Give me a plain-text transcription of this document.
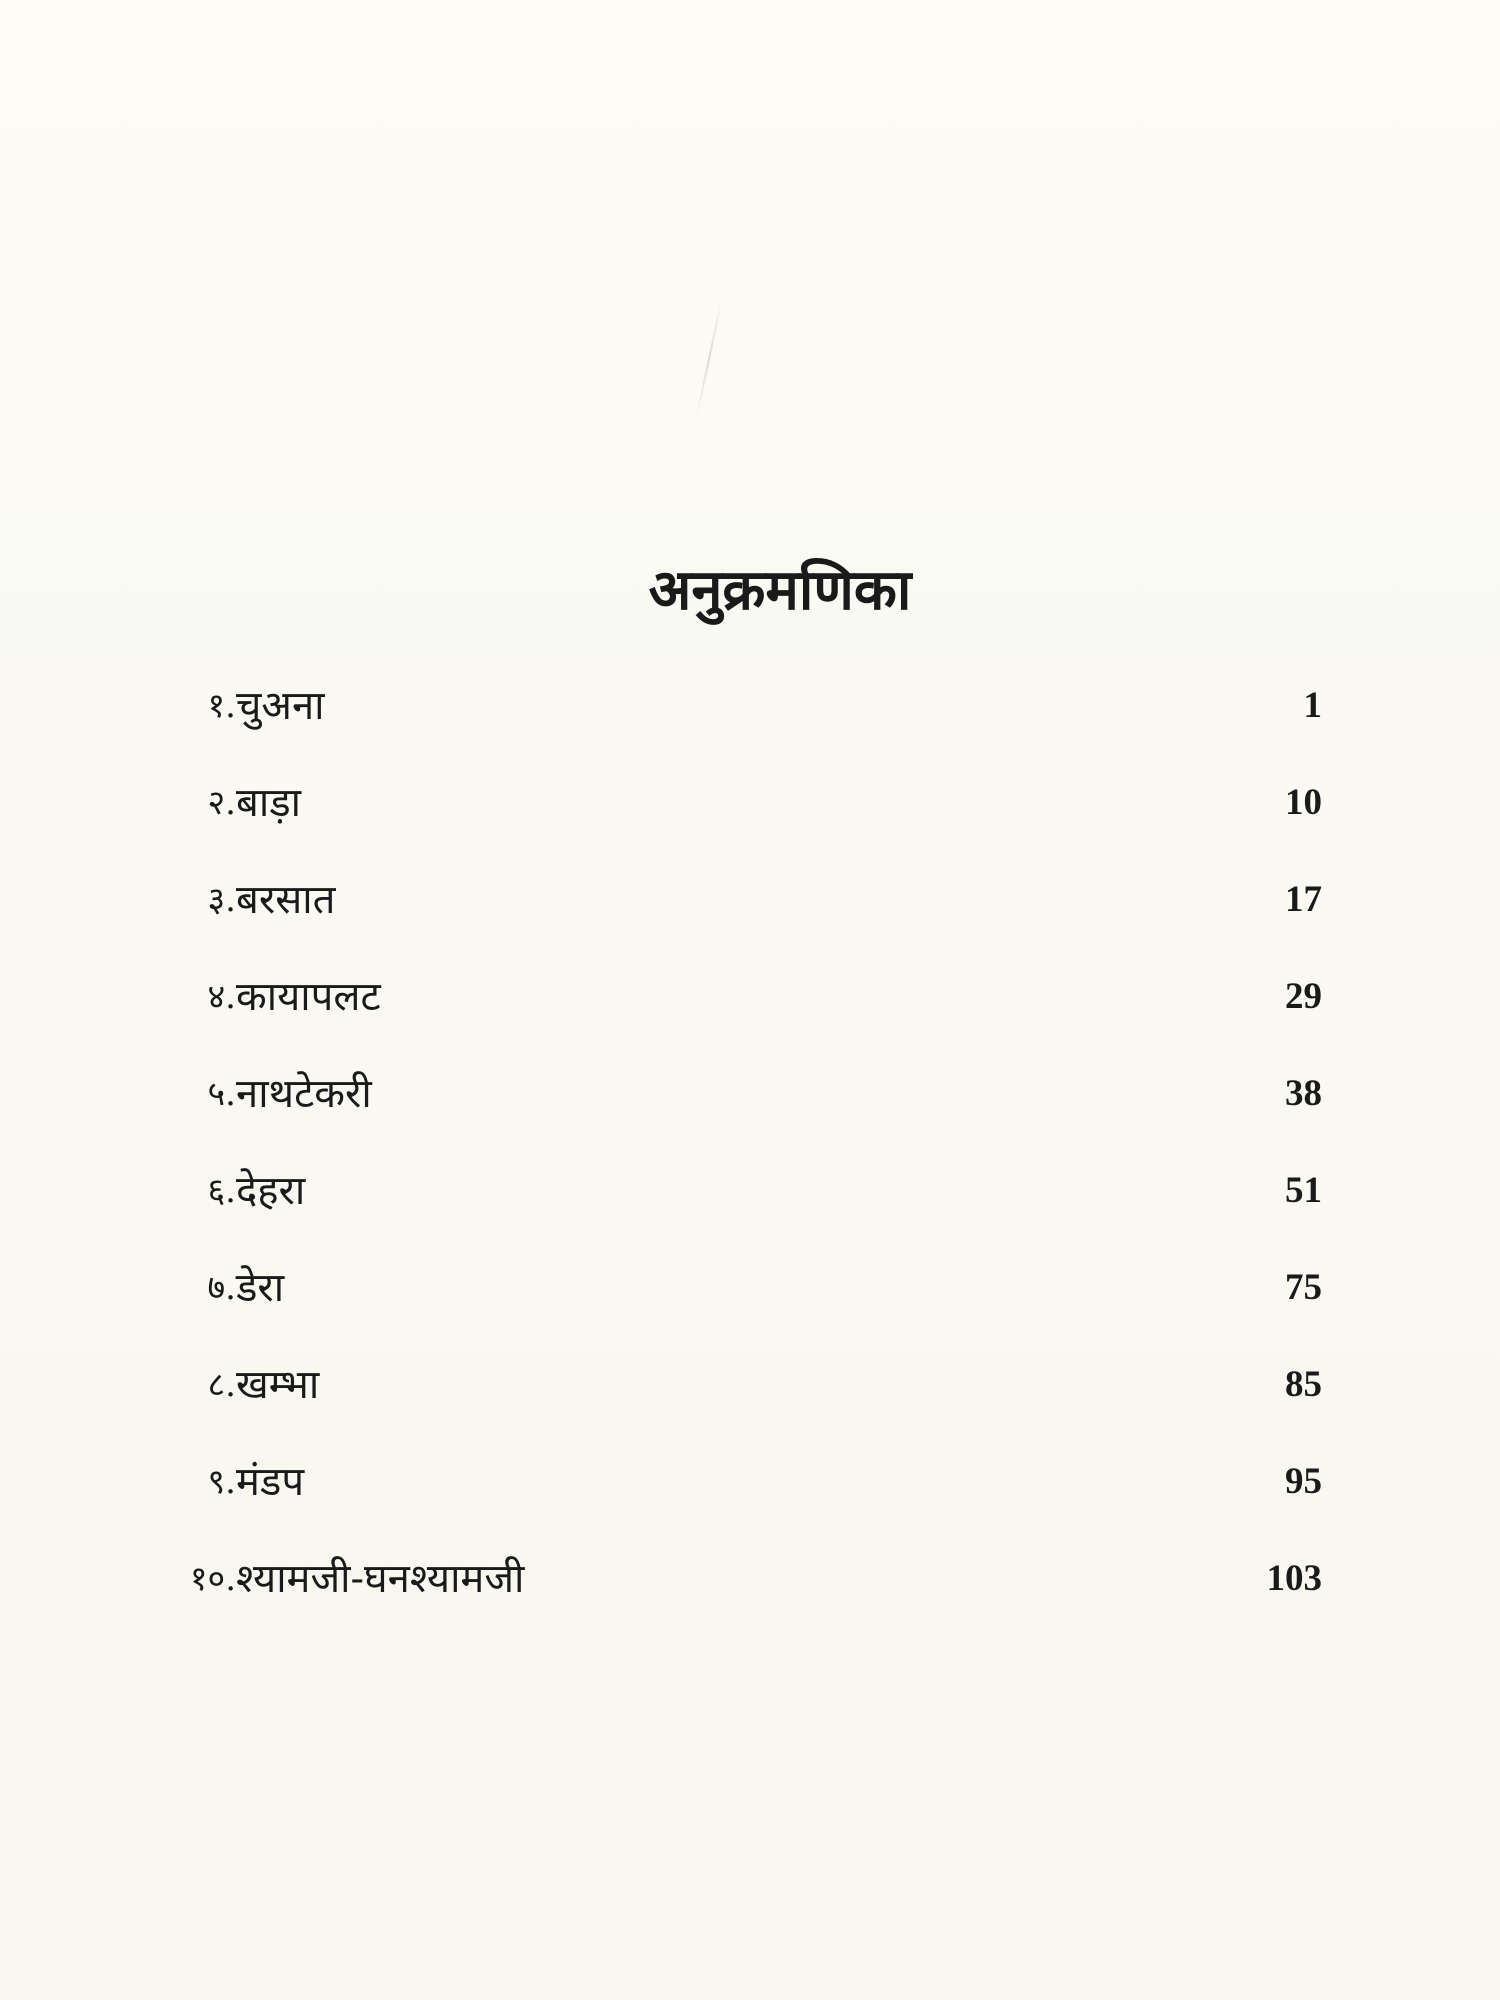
अनुक्रमणिका
१. चुअना	1
२. बाड़ा	10
३. बरसात	17
४. कायापलट	29
५. नाथटेकरी	38
६. देहरा	51
७. डेरा	75
८. खम्भा	85
९. मंडप	95
१०. श्यामजी-घनश्यामजी	103
